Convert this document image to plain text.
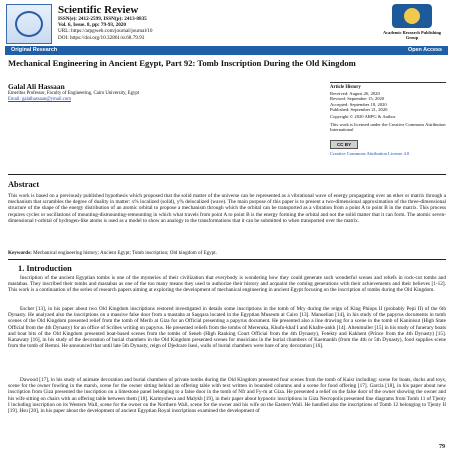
Scientific Review
ISSN(e): 2412-2599, ISSN(p): 2413-8835
Vol. 6, Issue. 8, pp: 79-93, 2020
URL: https://arpgweb.com/journal/journal/10
DOI: https://doi.org/10.32861/sr.68.79.93
Academic Research Publishing Group
Original Research	Open Access
Mechanical Engineering in Ancient Egypt, Part 92: Tomb Inscription During the Old Kingdom
Galal Ali Hassaan
Emeritus Professor, Faculty of Engineering, Cairo University, Egypt
Email: galalhassaan@ymail.com
Article History
Received: August 26, 2020
Revised: September 15, 2020
Accepted: September 18, 2020
Published: September 21, 2020
Copyright © 2020 ARPG & Author
This work is licensed under the Creative Commons Attribution International
CC BY
Creative Commons Attribution License 4.0
Abstract
This work is based on a previously published hypothesis which proposed that the solid matter of the universe can be represented as a vibrational wave of energy propagating over an ether or matrix through a mechanism that scrambles the degree of duality in matter: x% localized (solid), y% delocalized (wave). The main purpose of this paper is to present a two-dimensional approximation of the three-dimensional structure of the shape of the energy distribution of an atomic orbital to propose a mechanism through which the orbital can be transported as a vibration from a point A to point B in the matrix. This process requires cycles or oscillations of mounting-dismounting-remounting in which what travels from point A to point B is the energy forming the orbital and not the solid matter that it can form. The atomic seven-dimensional t-orbital of hydrogen-like atoms is used as a model to show an analogy to the transformations that it can be submitted to when transported over the matrix.
Keywords: Mechanical engineering history; Ancient Egypt; Tomb inscription; Old kingdom of Egypt.
1. Introduction
Inscription of the ancient Egyptian tombs is one of the mysteries of their civilization that everybody is wondering how they could generate such wonderful scenes and reliefs in rock-cut tombs and mastabas. They inscribed their tombs and mastabas as one of the too many means they used to authorize their history and acquaint the coming generations with their achievements and their believes [1-12]. This work is a continuation of the series of research papers aiming at exploring the development of mechanical engineering in ancient Egypt focusing on the inscription of tombs during the Old Kingdom.
Escher [13], in his paper about two Old Kingdom inscriptions restored investigated in details some inscriptions in the tomb of Mry during the reign of King Phiops II (probably Pepi II) of the 6th Dynasty. He analyzed also the inscriptions on a massive false door from a mastaba at Saqqara located in the Egyptian Museum at Cairo [13]. Manuelian [14], in his study of the papyrus documents in tomb scenes of the Old Kingdom presented relief from the tomb of Merib at Giza for an Official presenting a papyrus document. He presented also a line drawing for a scene in the tomb of Kaninisut (High State Official from the 4th Dynasty) for an office of Scribes writing on papyrus. He presented reliefs from the tombs of Mereruka, Khufu-khaf I and Khafre-ankh [14]. Altenmuller [15] in his study of funerary boats and boat bits of the Old Kingdom presented boat-based scenes from the tombs of Seneb (High Ranking Court Official from the 4th Dynasty), Fetekty and Kakhent (Prince from the 4th Dynasty) [15]. Kanawaty [16], in his study of the decoration of burial chambers in the Old Kingdom presented scenes for musicians in the burial chambers of Kaemankh (from the 4th or 5th Dynasty), food supplies scene from the tomb of Remni. He announced that until late 5th Dynasty, reign of Djedcare Isesi, walls of burial chambers were bare of any decoration [16].
Dawood [17], in his study of animate decoration and burial chambers of private tombs during the Old Kingdom presented four scenes from the tomb of Kaisr including: scene for boats, ducks and toys, scene for the owner fowling in the marsh, scene for the owner sitting behind an offering table with text written in bounded columns and a scene for food offering [17]. Garcia [18], in his paper about new inscription from Giza presented the inscription on a limestone panel belonging to a false door in the tomb of Nfr and Fy-m at Giza. He presented a relief on the false door of the owner showing the owner and his wife sitting on chairs with an offering table between them [18]. Karmysheva and Malykh [19], in their paper about hypnotic inscriptions in Giza Necropolis presented line diagrams from Tomb 11 of Tjenty I including inscription on its Western Wall, scene for the owner on the Northern Wall, scene for the owner and his wife on the Eastern Wall. He handled also the inscriptions of Tomb 12 belonging to Tjenty II [19]. Hsu [20], in his paper about the development of ancient Egyptian Royal inscriptions examined the development of
79
